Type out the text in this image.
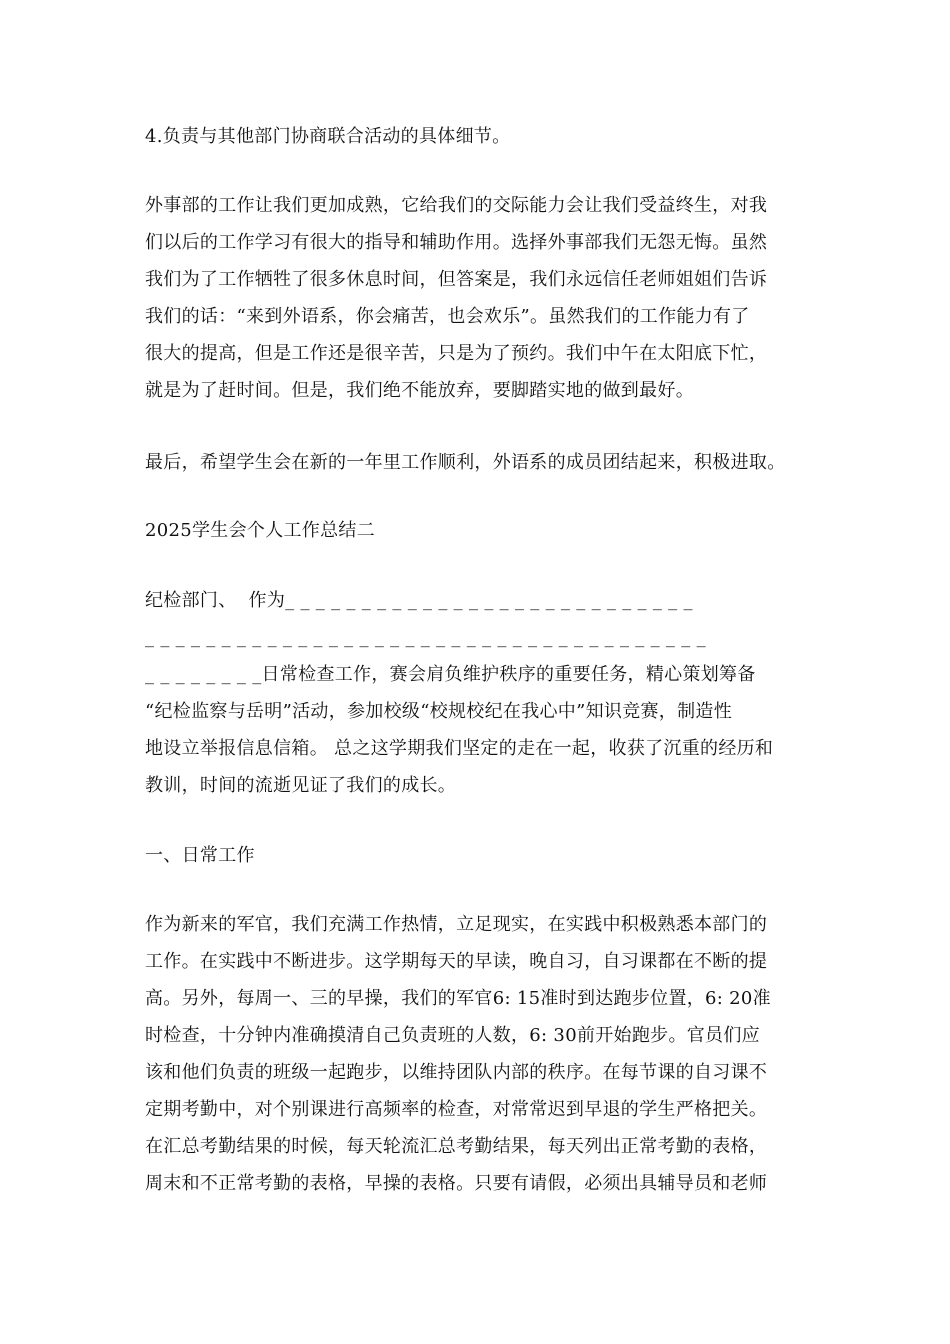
4.负责与其他部门协商联合活动的具体细节。
外事部的工作让我们更加成熟，它给我们的交际能力会让我们受益终生，对我
们以后的工作学习有很大的指导和辅助作用。选择外事部我们无怨无悔。虽然
我们为了工作牺牲了很多休息时间，但答案是，我们永远信任老师姐姐们告诉
我们的话：“来到外语系，你会痛苦，也会欢乐”。虽然我们的工作能力有了
很大的提高，但是工作还是很辛苦，只是为了预约。我们中午在太阳底下忙，
就是为了赶时间。但是，我们绝不能放弃，要脚踏实地的做到最好。
最后，希望学生会在新的一年里工作顺利，外语系的成员团结起来，积极进取。
2025学生会个人工作总结二
纪检部门、  作为_ _ _ _ _ _ _ _ _ _ _ _ _ _ _ _ _ _ _ _ _ _ _ _ _ _ _
_ _ _ _ _ _ _ _ _ _ _ _ _ _ _ _ _ _ _ _ _ _ _ _ _ _ _ _ _ _ _ _ _ _ _ _ _
_ _ _ _ _ _ _ _日常检查工作，赛会肩负维护秩序的重要任务，精心策划筹备
“纪检监察与岳明”活动，参加校级“校规校纪在我心中”知识竞赛，制造性
地设立举报信息信箱。 总之这学期我们坚定的走在一起，收获了沉重的经历和
教训，时间的流逝见证了我们的成长。
一、日常工作
作为新来的军官，我们充满工作热情，立足现实，在实践中积极熟悉本部门的
工作。在实践中不断进步。这学期每天的早读，晚自习，自习课都在不断的提
高。另外，每周一、三的早操，我们的军官6: 15准时到达跑步位置，6: 20准
时检查，十分钟内准确摸清自己负责班的人数，6: 30前开始跑步。官员们应
该和他们负责的班级一起跑步，以维持团队内部的秩序。在每节课的自习课不
定期考勤中，对个别课进行高频率的检查，对常常迟到早退的学生严格把关。
在汇总考勤结果的时候，每天轮流汇总考勤结果，每天列出正常考勤的表格，
周末和不正常考勤的表格，早操的表格。只要有请假，必须出具辅导员和老师
